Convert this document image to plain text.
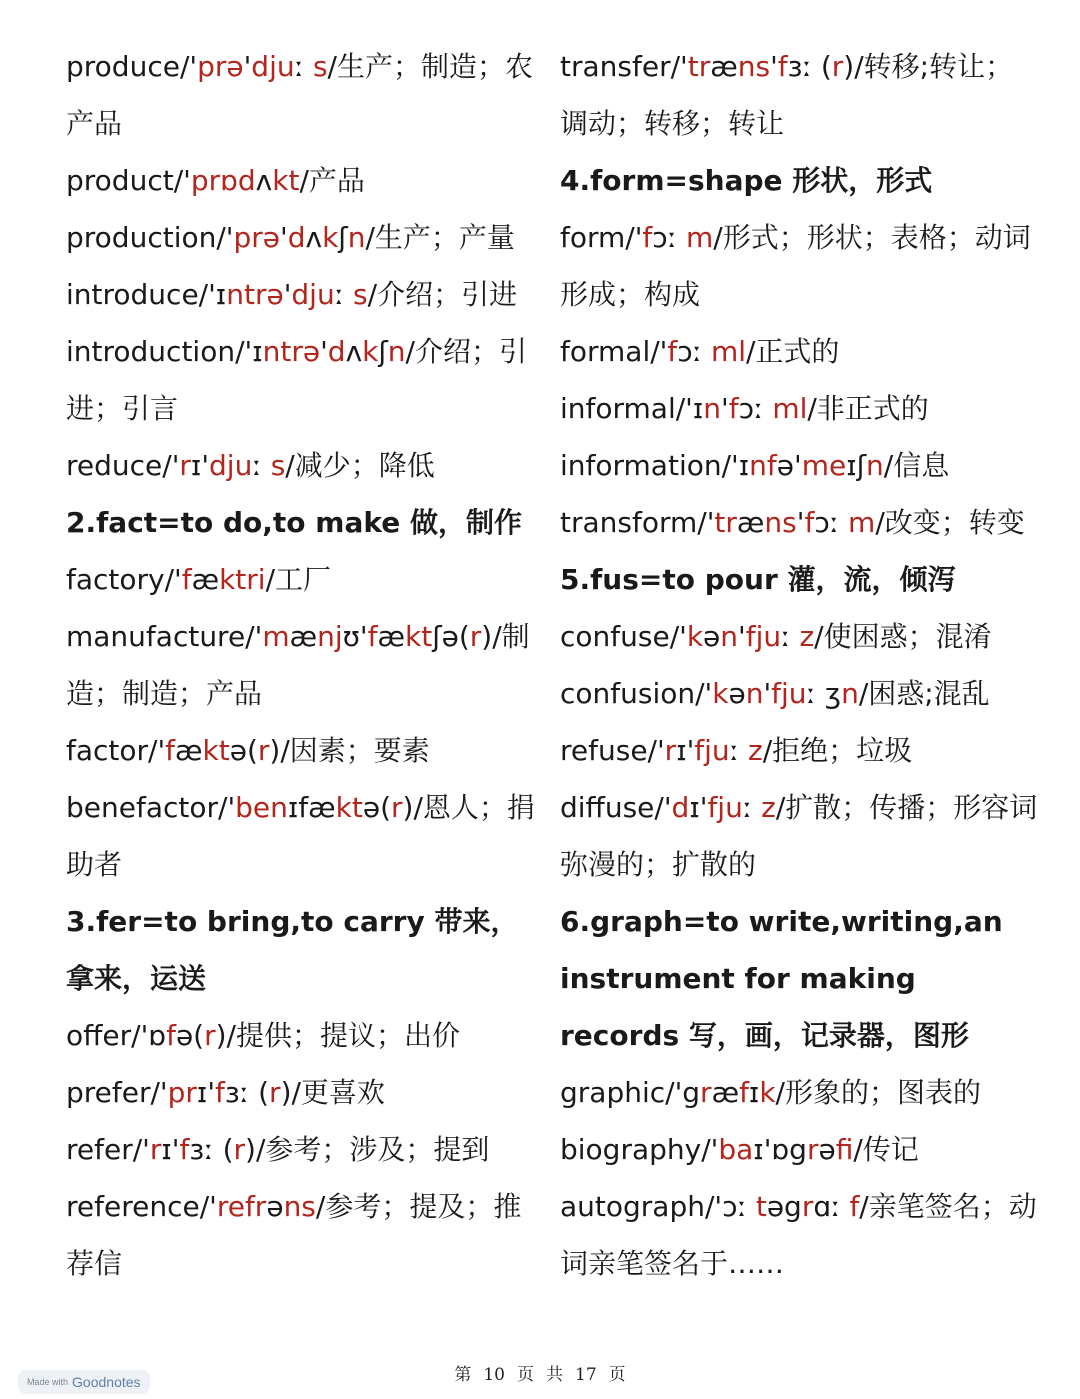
produce/'prə'djuː s/生产；制造；农产品
product/'prɒdʌkt/产品
production/'prə'dʌkʃn/生产；产量
introduce/'ɪntrə'djuː s/介绍；引进
introduction/'ɪntrə'dʌkʃn/介绍；引进；引言
reduce/'rɪ'djuː s/减少；降低
2.fact=to do,to make 做，制作
factory/'fæktri/工厂
manufacture/'mænjʊ'fæktʃə(r)/制造；制造；产品
factor/'fæktə(r)/因素；要素
benefactor/'benɪfæktə(r)/恩人；捐助者
3.fer=to bring,to carry 带来，拿来，运送
offer/'ɒfə(r)/提供；提议；出价
prefer/'prɪ'fɜː (r)/更喜欢
refer/'rɪ'fɜː (r)/参考；涉及；提到
reference/'refrəns/参考；提及；推荐信
transfer/'træns'fɜː (r)/转移;转让；调动；转移；转让
4.form=shape 形状，形式
form/'fɔː m/形式；形状；表格；动词形成；构成
formal/'fɔː ml/正式的
informal/'ɪn'fɔː ml/非正式的
information/'ɪnfə'meɪʃn/信息
transform/'træns'fɔː m/改变；转变
5.fus=to pour 灌，流，倾泻
confuse/'kən'fjuː z/使困惑；混淆
confusion/'kən'fjuː ʒn/困惑;混乱
refuse/'rɪ'fjuː z/拒绝；垃圾
diffuse/'dɪ'fjuː z/扩散；传播；形容词弥漫的；扩散的
6.graph=to write,writing,an instrument for making records 写，画，记录器，图形
graphic/'græfɪk/形象的；图表的
biography/'baɪ'ɒgrəfi/传记
autograph/'ɔː təgrɑː f/亲笔签名；动词亲笔签名于……
第 10 页 共 17 页
Made with Goodnotes
